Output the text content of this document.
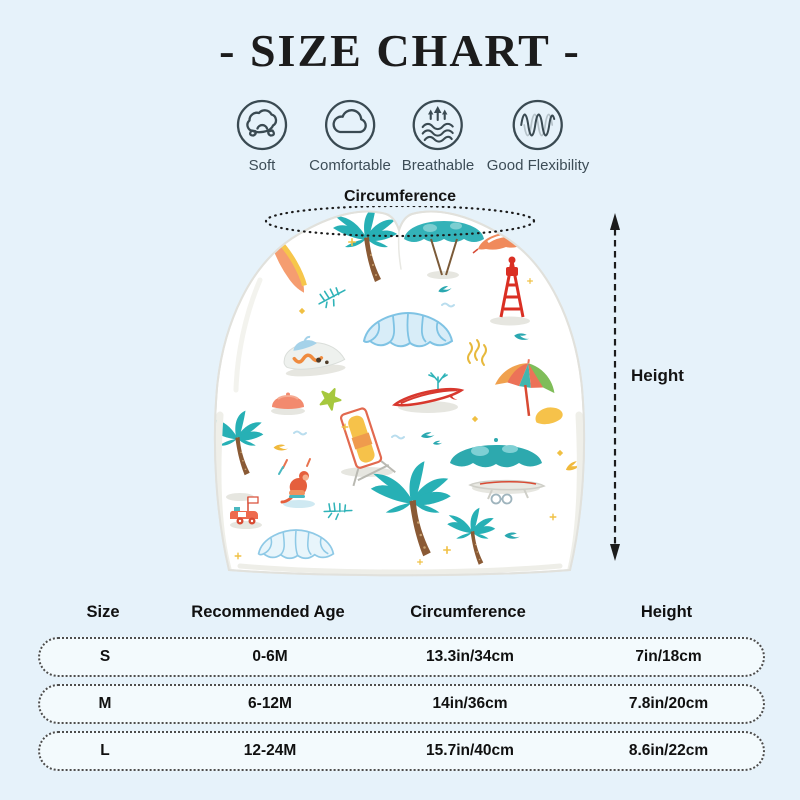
- SIZE CHART -
Soft Comfortable Breathable Good Flexibility
Circumference
Height
Size	Recommended Age	Circumference	Height
S	0-6M	13.3in/34cm	7in/18cm
M	6-12M	14in/36cm	7.8in/20cm
L	12-24M	15.7in/40cm	8.6in/22cm
